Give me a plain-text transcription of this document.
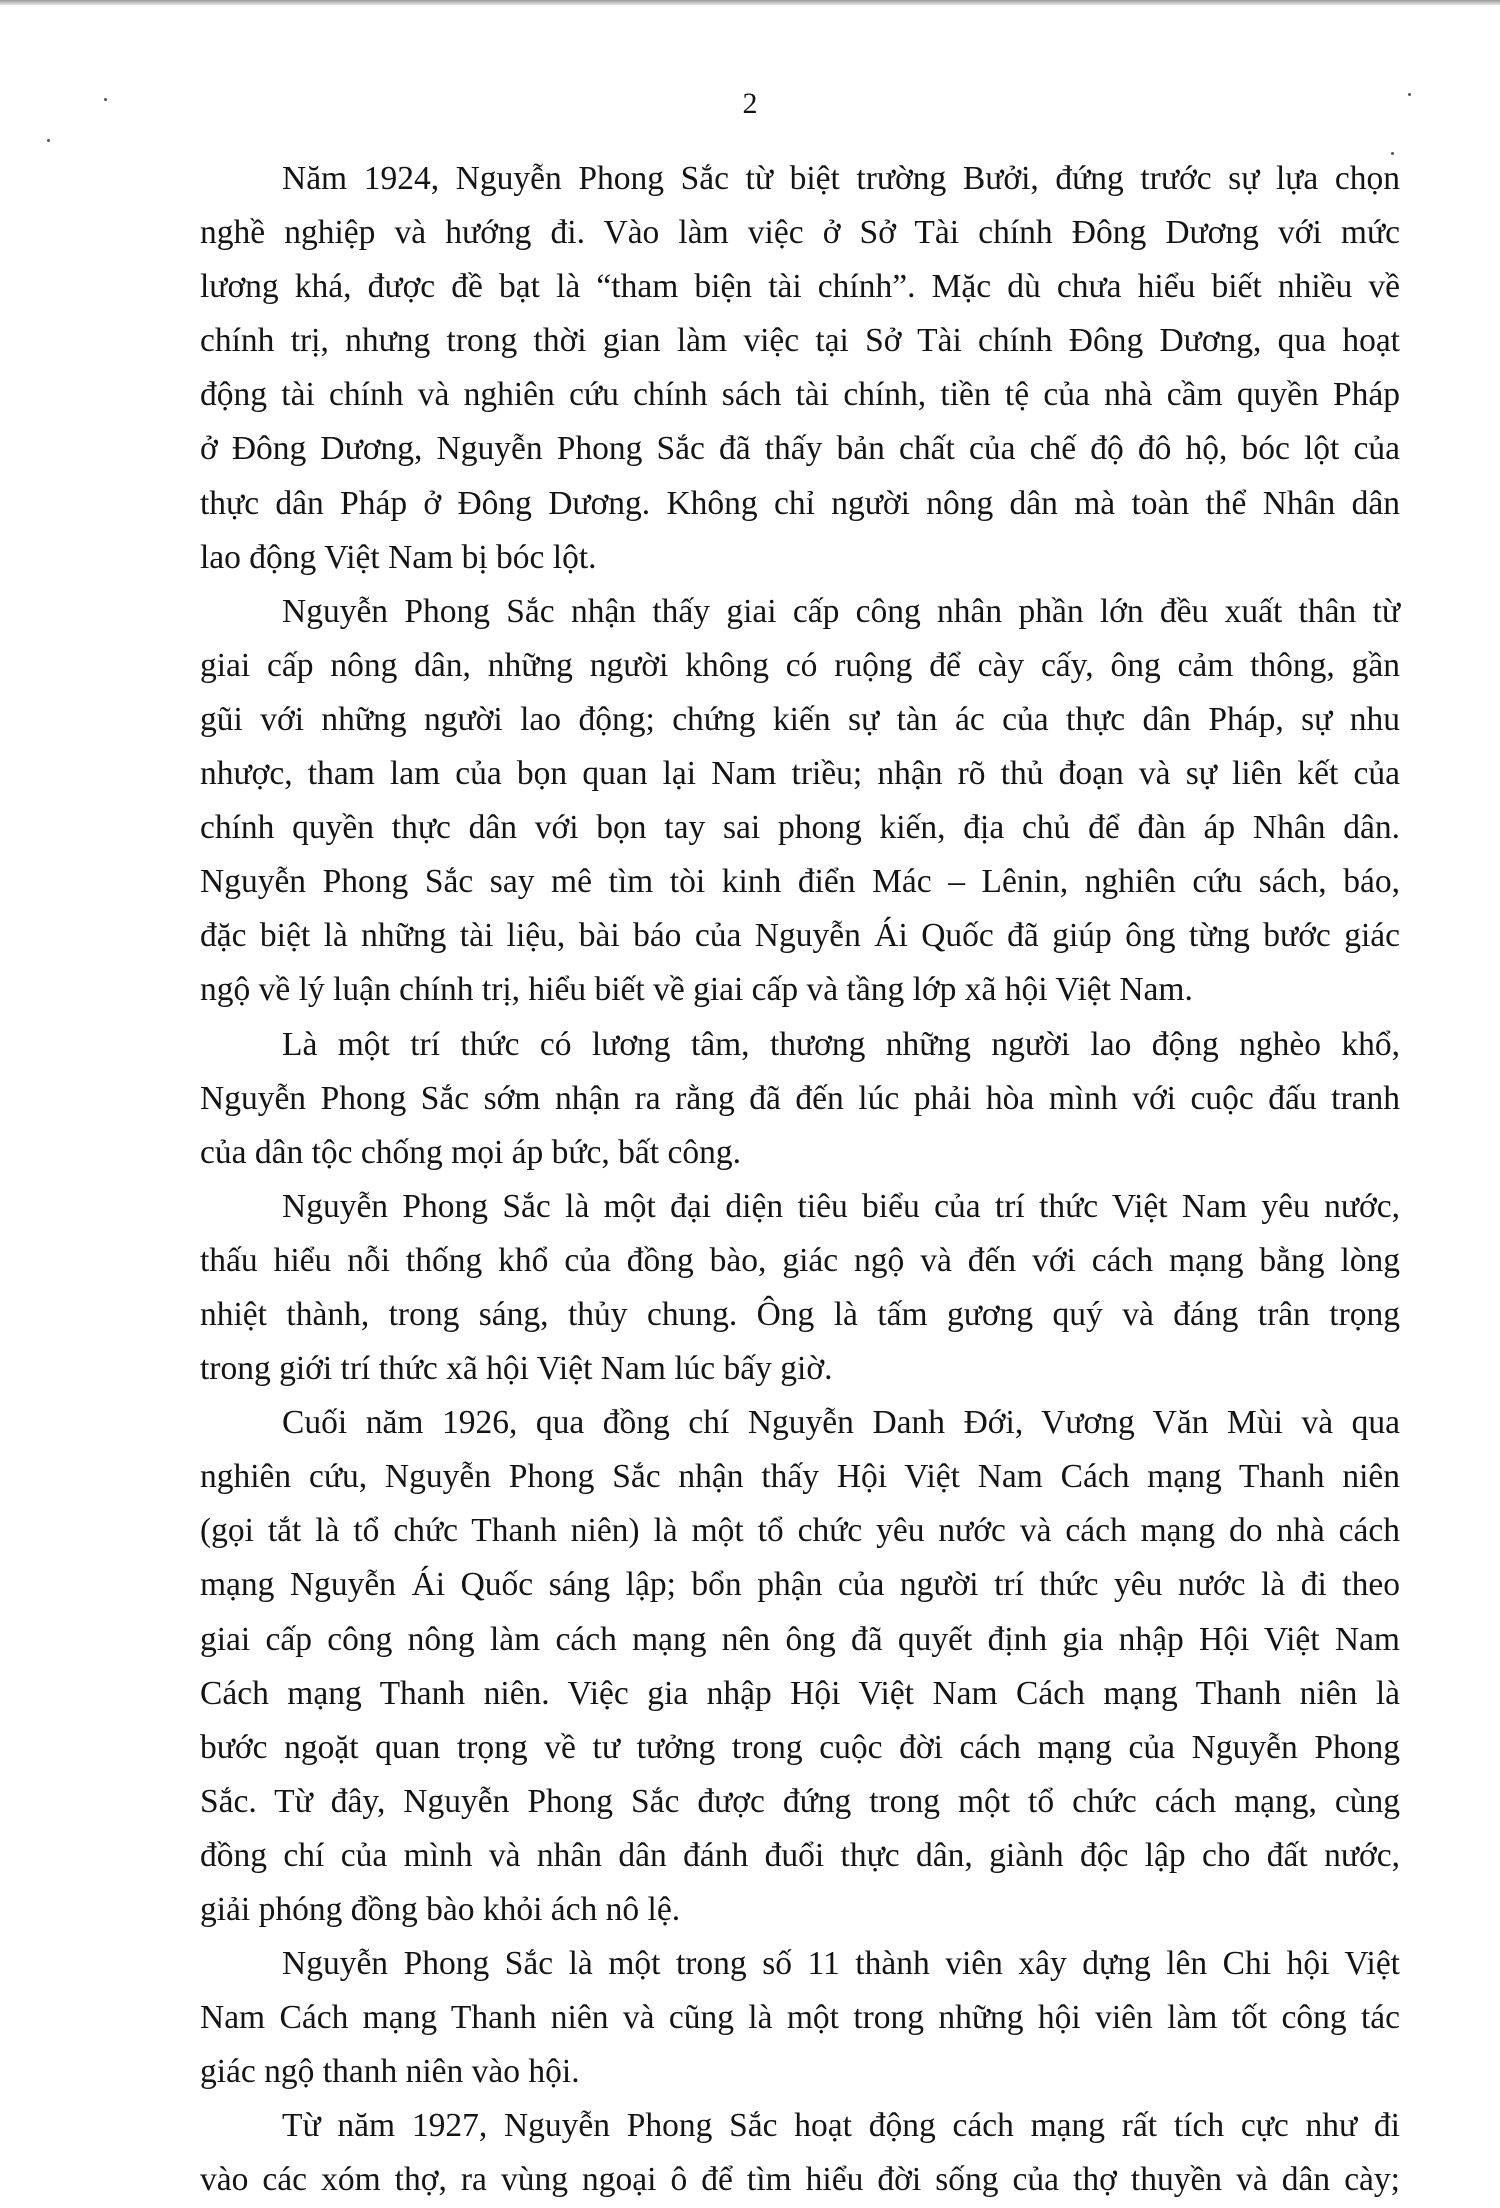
2
Năm 1924, Nguyễn Phong Sắc từ biệt trường Bưởi, đứng trước sự lựa chọn
nghề nghiệp và hướng đi. Vào làm việc ở Sở Tài chính Đông Dương với mức
lương khá, được đề bạt là “tham biện tài chính”. Mặc dù chưa hiểu biết nhiều về
chính trị, nhưng trong thời gian làm việc tại Sở Tài chính Đông Dương, qua hoạt
động tài chính và nghiên cứu chính sách tài chính, tiền tệ của nhà cầm quyền Pháp
ở Đông Dương, Nguyễn Phong Sắc đã thấy bản chất của chế độ đô hộ, bóc lột của
thực dân Pháp ở Đông Dương. Không chỉ người nông dân mà toàn thể Nhân dân
lao động Việt Nam bị bóc lột.
Nguyễn Phong Sắc nhận thấy giai cấp công nhân phần lớn đều xuất thân từ
giai cấp nông dân, những người không có ruộng để cày cấy, ông cảm thông, gần
gũi với những người lao động; chứng kiến sự tàn ác của thực dân Pháp, sự nhu
nhược, tham lam của bọn quan lại Nam triều; nhận rõ thủ đoạn và sự liên kết của
chính quyền thực dân với bọn tay sai phong kiến, địa chủ để đàn áp Nhân dân.
Nguyễn Phong Sắc say mê tìm tòi kinh điển Mác – Lênin, nghiên cứu sách, báo,
đặc biệt là những tài liệu, bài báo của Nguyễn Ái Quốc đã giúp ông từng bước giác
ngộ về lý luận chính trị, hiểu biết về giai cấp và tầng lớp xã hội Việt Nam.
Là một trí thức có lương tâm, thương những người lao động nghèo khổ,
Nguyễn Phong Sắc sớm nhận ra rằng đã đến lúc phải hòa mình với cuộc đấu tranh
của dân tộc chống mọi áp bức, bất công.
Nguyễn Phong Sắc là một đại diện tiêu biểu của trí thức Việt Nam yêu nước,
thấu hiểu nỗi thống khổ của đồng bào, giác ngộ và đến với cách mạng bằng lòng
nhiệt thành, trong sáng, thủy chung. Ông là tấm gương quý và đáng trân trọng
trong giới trí thức xã hội Việt Nam lúc bấy giờ.
Cuối năm 1926, qua đồng chí Nguyễn Danh Đới, Vương Văn Mùi và qua
nghiên cứu, Nguyễn Phong Sắc nhận thấy Hội Việt Nam Cách mạng Thanh niên
(gọi tắt là tổ chức Thanh niên) là một tổ chức yêu nước và cách mạng do nhà cách
mạng Nguyễn Ái Quốc sáng lập; bổn phận của người trí thức yêu nước là đi theo
giai cấp công nông làm cách mạng nên ông đã quyết định gia nhập Hội Việt Nam
Cách mạng Thanh niên. Việc gia nhập Hội Việt Nam Cách mạng Thanh niên là
bước ngoặt quan trọng về tư tưởng trong cuộc đời cách mạng của Nguyễn Phong
Sắc. Từ đây, Nguyễn Phong Sắc được đứng trong một tổ chức cách mạng, cùng
đồng chí của mình và nhân dân đánh đuổi thực dân, giành độc lập cho đất nước,
giải phóng đồng bào khỏi ách nô lệ.
Nguyễn Phong Sắc là một trong số 11 thành viên xây dựng lên Chi hội Việt
Nam Cách mạng Thanh niên và cũng là một trong những hội viên làm tốt công tác
giác ngộ thanh niên vào hội.
Từ năm 1927, Nguyễn Phong Sắc hoạt động cách mạng rất tích cực như đi
vào các xóm thợ, ra vùng ngoại ô để tìm hiểu đời sống của thợ thuyền và dân cày;
